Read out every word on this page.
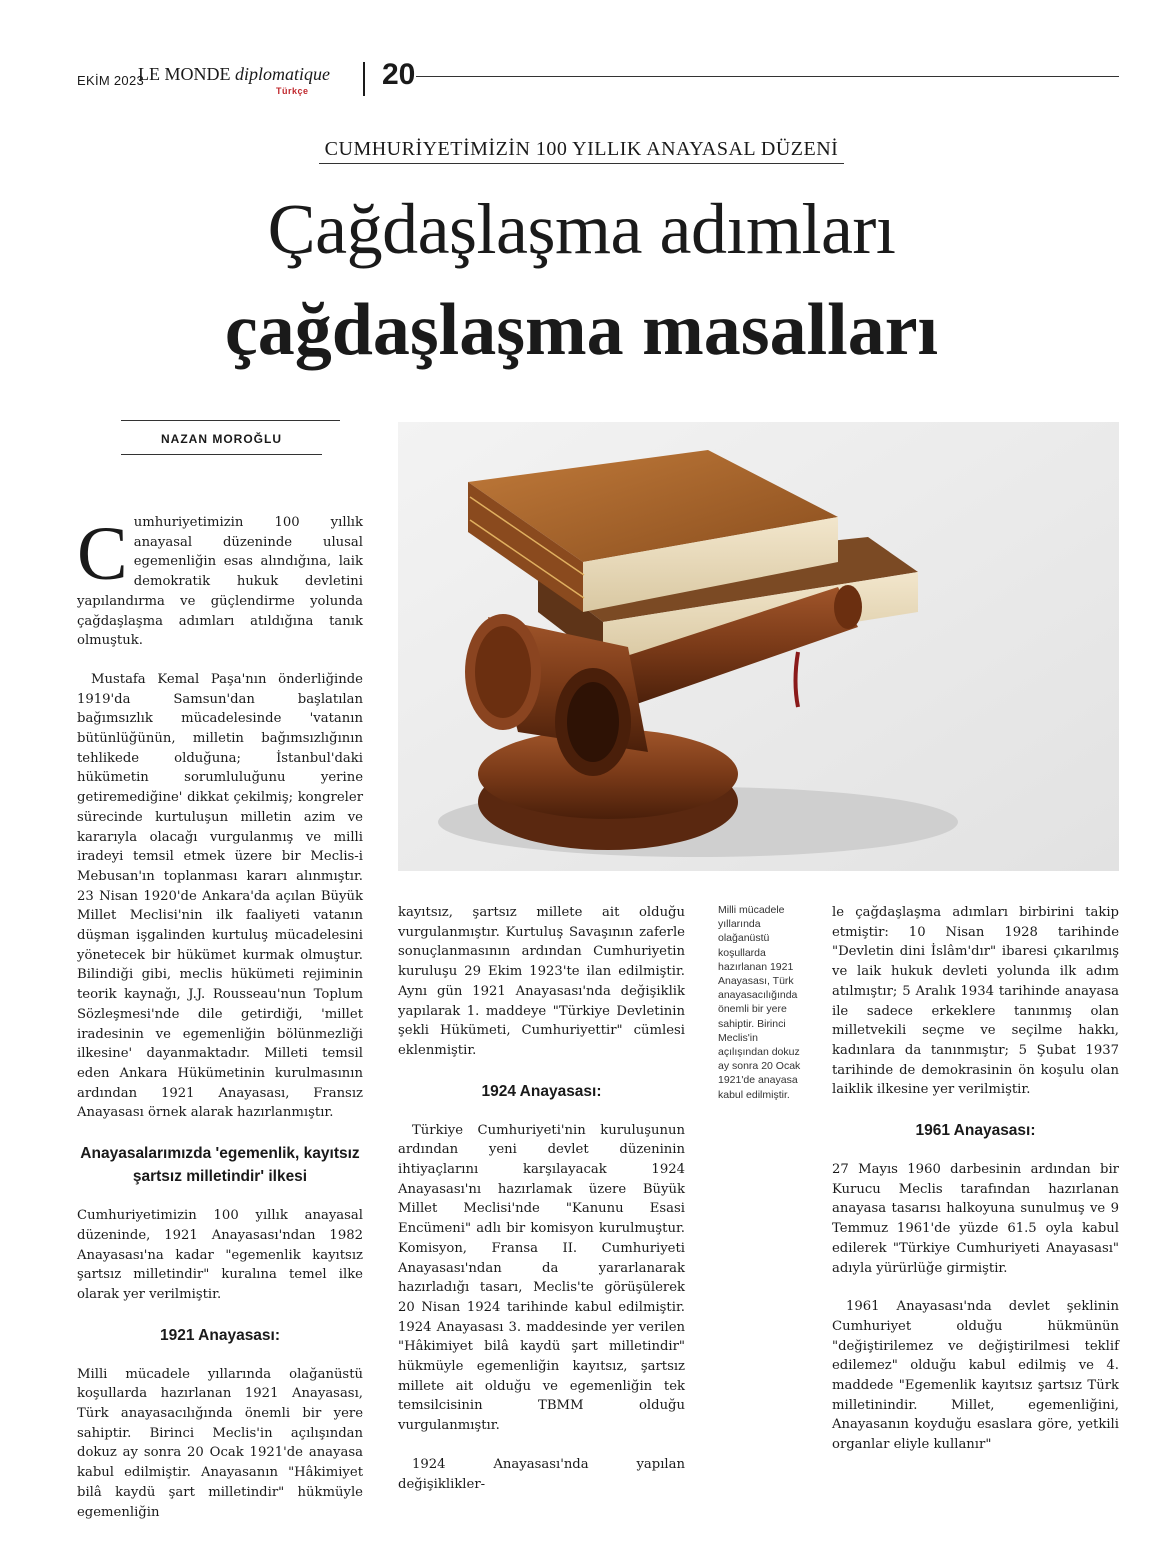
EKİM 2023
LE MONDE diplomatique
Türkçe 20
CUMHURİYETİMİZİN 100 YILLIK ANAYASAL DÜZENİ
Çağdaşlaşma adımları
çağdaşlaşma masalları
NAZAN MOROĞLU

Cumhuriyetimizin 100 yıllık anayasal düzeninde ulusal egemenliğin esas alındığına, laik demokratik hukuk devletini yapılandırma ve güçlendirme yolunda çağdaşlaşma adımları atıldığına tanık olmuştuk.

Mustafa Kemal Paşa'nın önderliğinde 1919'da Samsun'dan başlatılan bağımsızlık mücadelesinde 'vatanın bütünlüğünün, milletin bağımsızlığının tehlikede olduğuna; İstanbul'daki hükümetin sorumluluğunu yerine getiremediğine' dikkat çekilmiş; kongreler sürecinde kurtuluşun milletin azim ve kararıyla olacağı vurgulanmış ve milli iradeyi temsil etmek üzere bir Meclis-i Mebusan'ın toplanması kararı alınmıştır. 23 Nisan 1920'de Ankara'da açılan Büyük Millet Meclisi'nin ilk faaliyeti vatanın düşman işgalinden kurtuluş mücadelesini yönetecek bir hükümet kurmak olmuştur. Bilindiği gibi, meclis hükümeti rejiminin teorik kaynağı, J.J. Rousseau'nun Toplum Sözleşmesi'nde dile getirdiği, 'millet iradesinin ve egemenliğin bölünmezliği ilkesine' dayanmaktadır. Milleti temsil eden Ankara Hükümetinin kurulmasının ardından 1921 Anayasası, Fransız Anayasası örnek alarak hazırlanmıştır.

Anayasalarımızda 'egemenlik, kayıtsız şartsız milletindir' ilkesi

Cumhuriyetimizin 100 yıllık anayasal düzeninde, 1921 Anayasası'ndan 1982 Anayasası'na kadar "egemenlik kayıtsız şartsız milletindir" kuralına temel ilke olarak yer verilmiştir.

1921 Anayasası:

Milli mücadele yıllarında olağanüstü koşullarda hazırlanan 1921 Anayasası, Türk anayasacılığında önemli bir yere sahiptir. Birinci Meclis'in açılışından dokuz ay sonra 20 Ocak 1921'de anayasa kabul edilmiştir. Anayasanın "Hâkimiyet bilâ kaydü şart milletindir" hükmüyle egemenliğin

kayıtsız, şartsız millete ait olduğu vurgulanmıştır. Kurtuluş Savaşının zaferle sonuçlanmasının ardından Cumhuriyetin kuruluşu 29 Ekim 1923'te ilan edilmiştir. Aynı gün 1921 Anayasası'nda değişiklik yapılarak 1. maddeye "Türkiye Devletinin şekli Hükümeti, Cumhuriyettir" cümlesi eklenmiştir.

1924 Anayasası:

Türkiye Cumhuriyeti'nin kuruluşunun ardından yeni devlet düzeninin ihtiyaçlarını karşılayacak 1924 Anayasası'nı hazırlamak üzere Büyük Millet Meclisi'nde "Kanunu Esasi Encümeni" adlı bir komisyon kurulmuştur. Komisyon, Fransa II. Cumhuriyeti Anayasası'ndan da yararlanarak hazırladığı tasarı, Meclis'te görüşülerek 20 Nisan 1924 tarihinde kabul edilmiştir. 1924 Anayasası 3. maddesinde yer verilen "Hâkimiyet bilâ kaydü şart milletindir" hükmüyle egemenliğin kayıtsız, şartsız millete ait olduğu ve egemenliğin tek temsilcisinin TBMM olduğu vurgulanmıştır.

1924 Anayasası'nda yapılan değişiklikler-

Milli mücadele yıllarında olağanüstü koşullarda hazırlanan 1921 Anayasası, Türk anayasacılığında önemli bir yere sahiptir. Birinci Meclis'in açılışından dokuz ay sonra 20 Ocak 1921'de anayasa kabul edilmiştir.

le çağdaşlaşma adımları birbirini takip etmiştir: 10 Nisan 1928 tarihinde "Devletin dini İslâm'dır" ibaresi çıkarılmış ve laik hukuk devleti yolunda ilk adım atılmıştır; 5 Aralık 1934 tarihinde anayasa ile sadece erkeklere tanınmış olan milletvekili seçme ve seçilme hakkı, kadınlara da tanınmıştır; 5 Şubat 1937 tarihinde de demokrasinin ön koşulu olan laiklik ilkesine yer verilmiştir.

1961 Anayasası:

27 Mayıs 1960 darbesinin ardından bir Kurucu Meclis tarafından hazırlanan anayasa tasarısı halkoyuna sunulmuş ve 9 Temmuz 1961'de yüzde 61.5 oyla kabul edilerek "Türkiye Cumhuriyeti Anayasası" adıyla yürürlüğe girmiştir.

1961 Anayasası'nda devlet şeklinin Cumhuriyet olduğu hükmünün "değiştirilemez ve değiştirilmesi teklif edilemez" olduğu kabul edilmiş ve 4. maddede "Egemenlik kayıtsız şartsız Türk milletinindir. Millet, egemenliğini, Anayasanın koyduğu esaslara göre, yetkili organlar eliyle kullanır"
